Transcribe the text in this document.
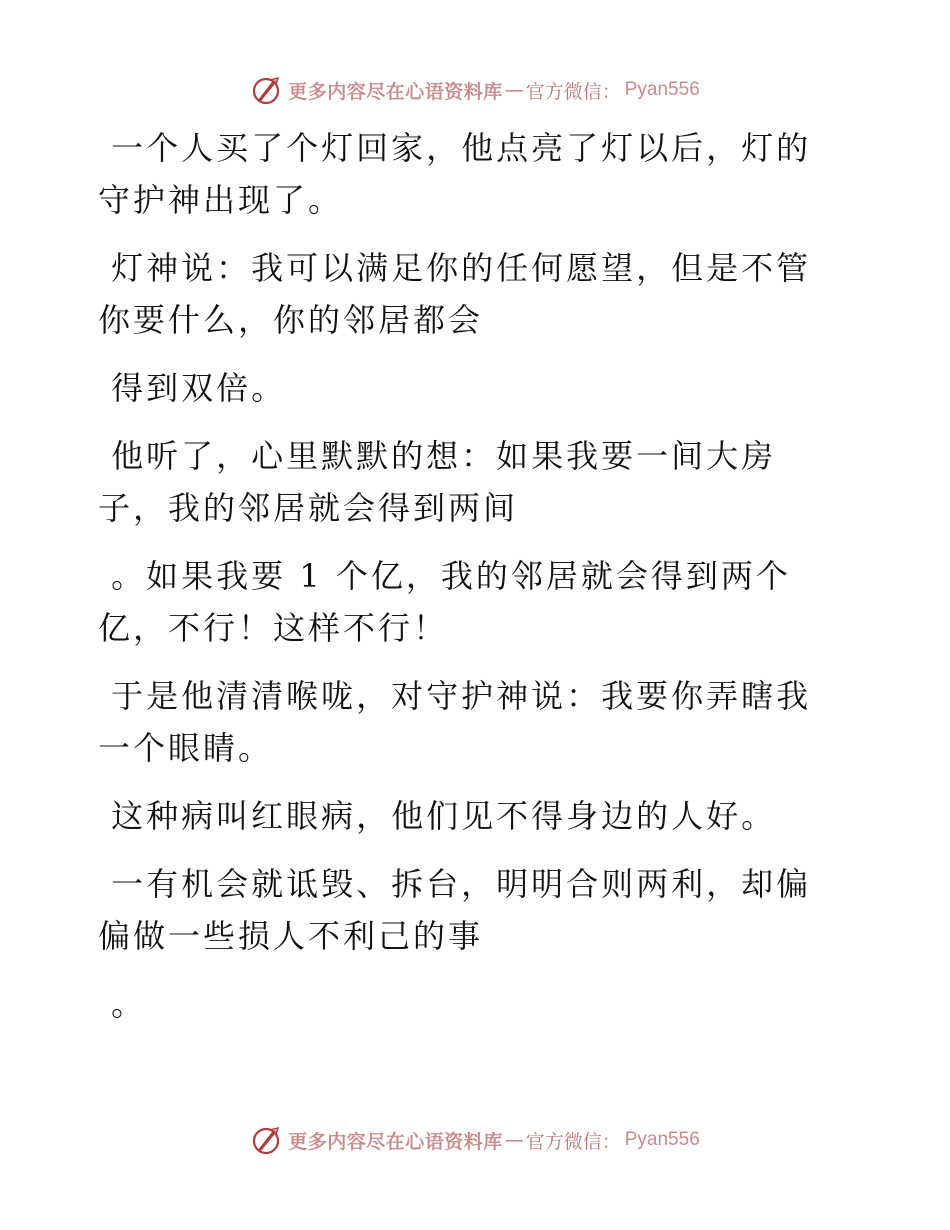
更多内容尽在心语资料库 — 官方微信： Pyan556

一个人买了个灯回家，他点亮了灯以后，灯的守护神出现了。

灯神说：我可以满足你的任何愿望，但是不管你要什么，你的邻居都会

得到双倍。

他听了，心里默默的想：如果我要一间大房子，我的邻居就会得到两间

。如果我要 1 个亿，我的邻居就会得到两个亿，不行！这样不行！

于是他清清喉咙，对守护神说：我要你弄瞎我一个眼睛。

这种病叫红眼病，他们见不得身边的人好。

一有机会就诋毁、拆台，明明合则两利，却偏偏做一些损人不利己的事

。

更多内容尽在心语资料库 — 官方微信： Pyan556
